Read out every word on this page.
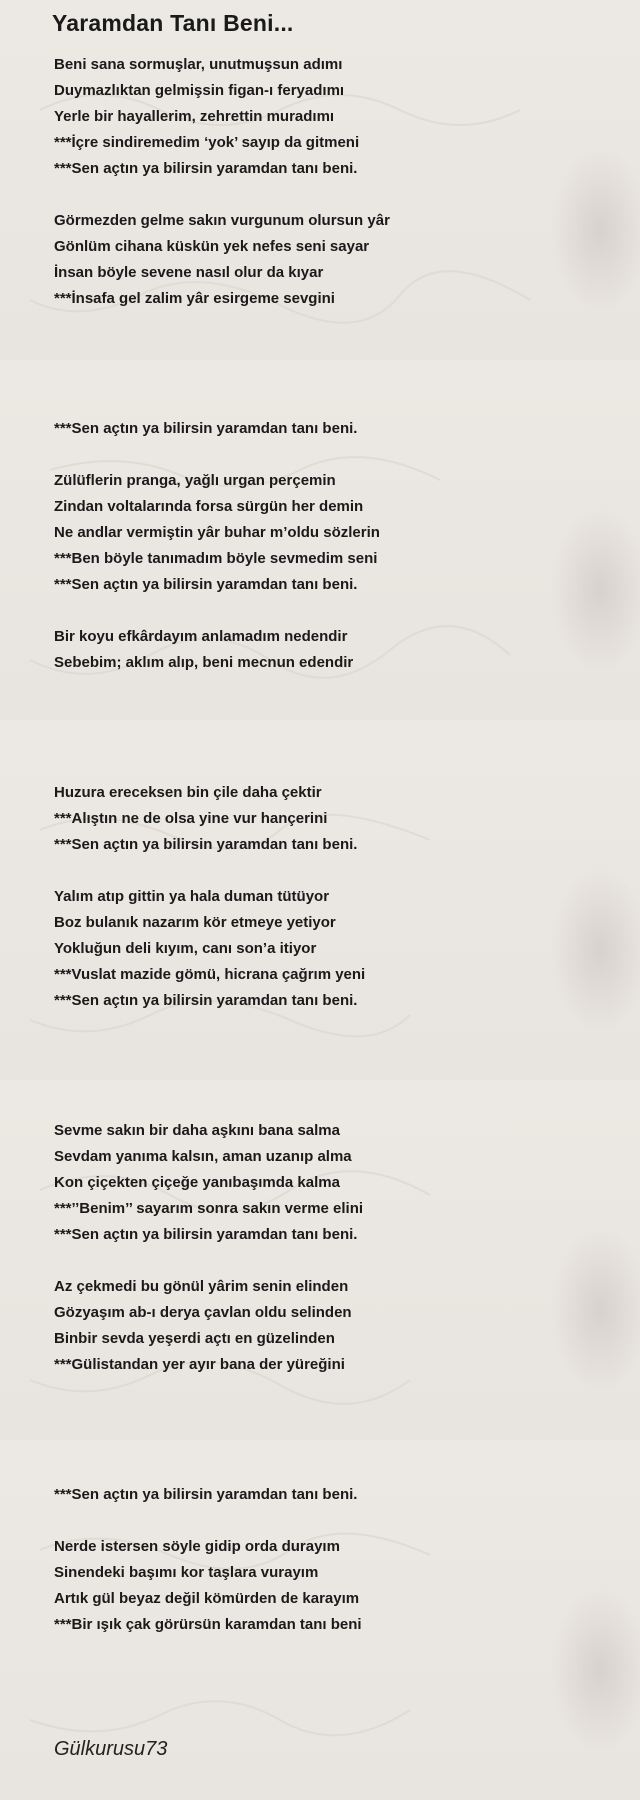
Yaramdan Tanı Beni...
Beni sana sormuşlar, unutmuşsun adımı
Duymazlıktan gelmişsin figan-ı feryadımı
Yerle bir hayallerim, zehrettin muradımı
***İçre sindiremedim ‘yok’ sayıp da gitmeni
***Sen açtın ya bilirsin yaramdan tanı beni.
Görmezden gelme sakın vurgunum olursun yâr
Gönlüm cihana küskün yek nefes seni sayar
İnsan böyle sevene nasıl olur da kıyar
***İnsafa gel zalim yâr esirgeme sevgini
***Sen açtın ya bilirsin yaramdan tanı beni.
Zülüflerin pranga, yağlı urgan perçemin
Zindan voltalarında forsa sürgün her demin
Ne andlar vermiştin yâr buhar m’oldu sözlerin
***Ben böyle tanımadım böyle sevmedim seni
***Sen açtın ya bilirsin yaramdan tanı beni.
Bir koyu efkârdayım anlamadım nedendir
Sebebim; aklım alıp, beni mecnun edendir
Huzura ereceksen bin çile daha çektir
***Alıştın ne de olsa yine vur hançerini
***Sen açtın ya bilirsin yaramdan tanı beni.
Yalım atıp gittin ya hala duman tütüyor
Boz bulanık nazarım kör etmeye yetiyor
Yokluğun deli kıyım, canı son’a itiyor
***Vuslat mazide gömü, hicrana çağrım yeni
***Sen açtın ya bilirsin yaramdan tanı beni.
Sevme sakın bir daha aşkını bana salma
Sevdam yanıma kalsın, aman uzanıp alma
Kon çiçekten çiçeğe yanıbaşımda kalma
***’’Benim’’ sayarım sonra sakın verme elini
***Sen açtın ya bilirsin yaramdan tanı beni.
Az çekmedi bu gönül yârim senin elinden
Gözyaşım ab-ı derya çavlan oldu selinden
Binbir sevda yeşerdi açtı en güzelinden
***Gülistandan yer ayır bana der yüreğini
***Sen açtın ya bilirsin yaramdan tanı beni.
Nerde istersen söyle gidip orda durayım
Sinendeki başımı kor taşlara vurayım
Artık gül beyaz değil kömürden de karayım
***Bir ışık çak görürsün karamdan tanı beni
Gülkurusu73
